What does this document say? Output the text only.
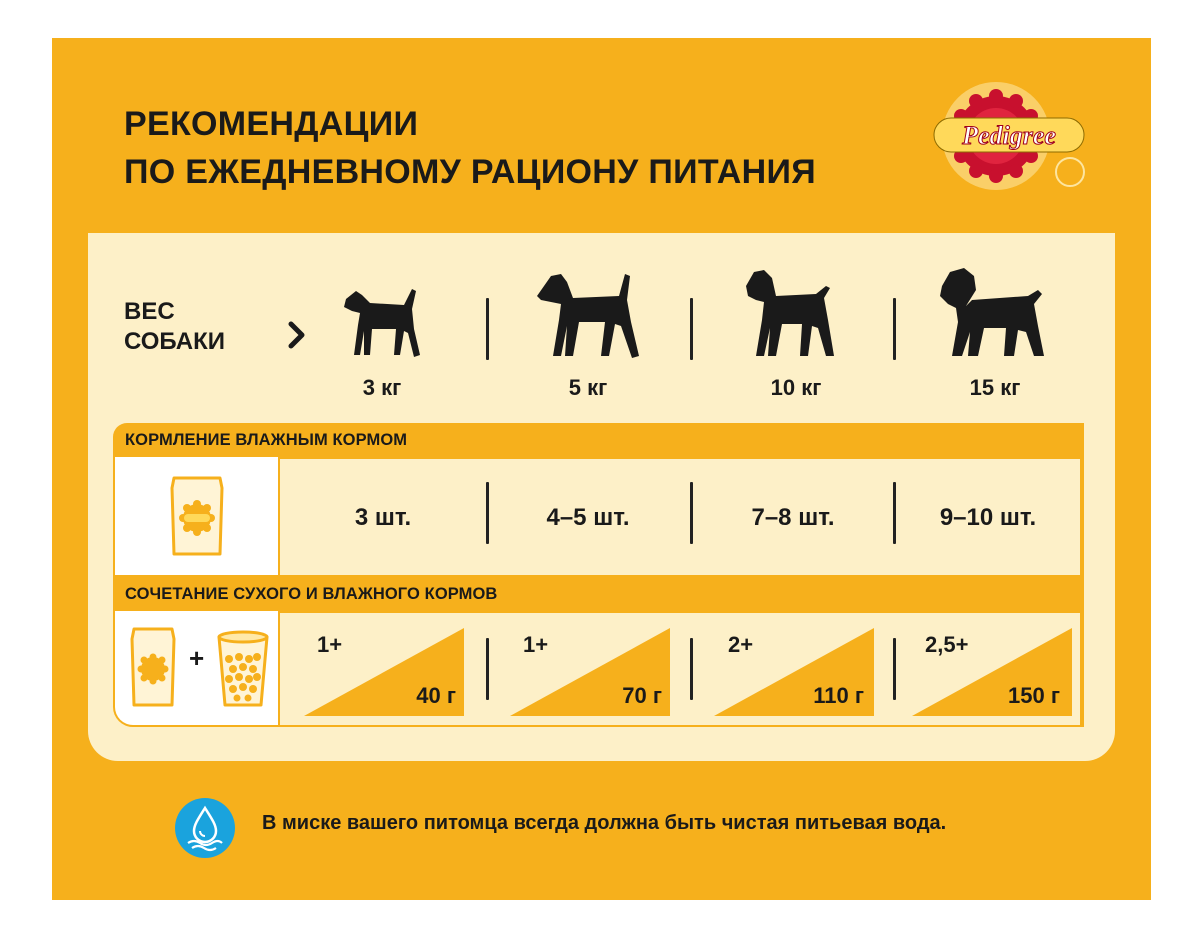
РЕКОМЕНДАЦИИ
ПО ЕЖЕДНЕВНОМУ РАЦИОНУ ПИТАНИЯ
Pedigree
ВЕС
СОБАКИ
3 кг	5 кг	10 кг	15 кг
КОРМЛЕНИЕ ВЛАЖНЫМ КОРМОМ
3 шт.	4–5 шт.	7–8 шт.	9–10 шт.
СОЧЕТАНИЕ СУХОГО И ВЛАЖНОГО КОРМОВ
+	1+	1+	2+	2,5+
40 г	70 г	110 г	150 г
В миске вашего питомца всегда должна быть чистая питьевая вода.
